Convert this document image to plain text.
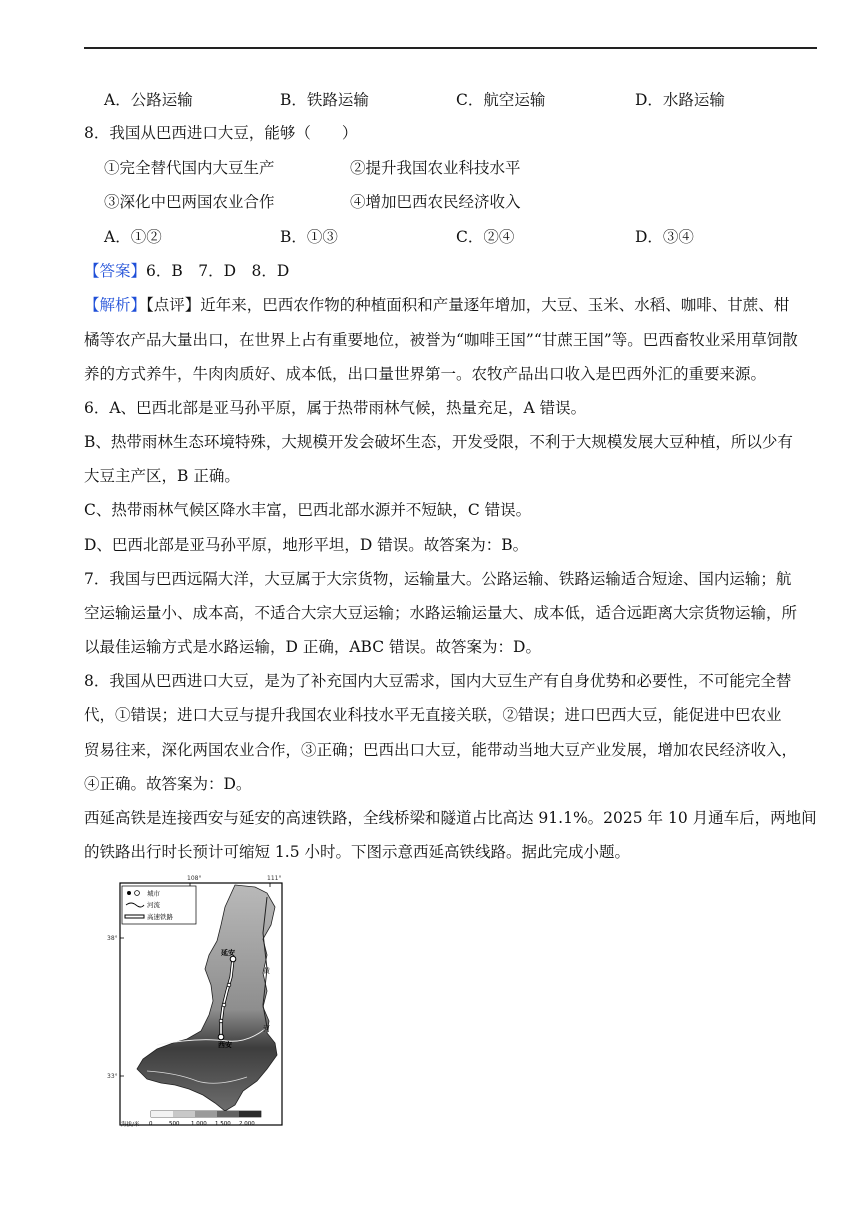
A．公路运输	B．铁路运输	C．航空运输	D．水路运输
8．我国从巴西进口大豆，能够（　　）
①完全替代国内大豆生产	②提升我国农业科技水平
③深化中巴两国农业合作	④增加巴西农民经济收入
A．①②	B．①③	C．②④	D．③④
【答案】6．B　7．D　8．D
【解析】【点评】近年来，巴西农作物的种植面积和产量逐年增加，大豆、玉米、水稻、咖啡、甘蔗、柑
橘等农产品大量出口，在世界上占有重要地位，被誉为“咖啡王国”“甘蔗王国”等。巴西畜牧业采用草饲散
养的方式养牛，牛肉肉质好、成本低，出口量世界第一。农牧产品出口收入是巴西外汇的重要来源。
6．A、巴西北部是亚马孙平原，属于热带雨林气候，热量充足，A 错误。
B、热带雨林生态环境特殊，大规模开发会破坏生态，开发受限，不利于大规模发展大豆种植，所以少有
大豆主产区，B 正确。
C、热带雨林气候区降水丰富，巴西北部水源并不短缺，C 错误。
D、巴西北部是亚马孙平原，地形平坦，D 错误。故答案为：B。
7．我国与巴西远隔大洋，大豆属于大宗货物，运输量大。公路运输、铁路运输适合短途、国内运输；航
空运输运量小、成本高，不适合大宗大豆运输；水路运输运量大、成本低，适合远距离大宗货物运输，所
以最佳运输方式是水路运输，D 正确，ABC 错误。故答案为：D。
8．我国从巴西进口大豆，是为了补充国内大豆需求，国内大豆生产有自身优势和必要性，不可能完全替
代，①错误；进口大豆与提升我国农业科技水平无直接关联，②错误；进口巴西大豆，能促进中巴农业
贸易往来，深化两国农业合作，③正确；巴西出口大豆，能带动当地大豆产业发展，增加农民经济收入，
④正确。故答案为：D。
西延高铁是连接西安与延安的高速铁路，全线桥梁和隧道占比高达 91.1%。2025 年 10 月通车后，两地间
的铁路出行时长预计可缩短 1.5 小时。下图示意西延高铁线路。据此完成小题。
108°	111°
38°
33°
延安
西安
黄
河
城市
河流
高速铁路
海拔/米 0	500 1 000 1 500 2 000
